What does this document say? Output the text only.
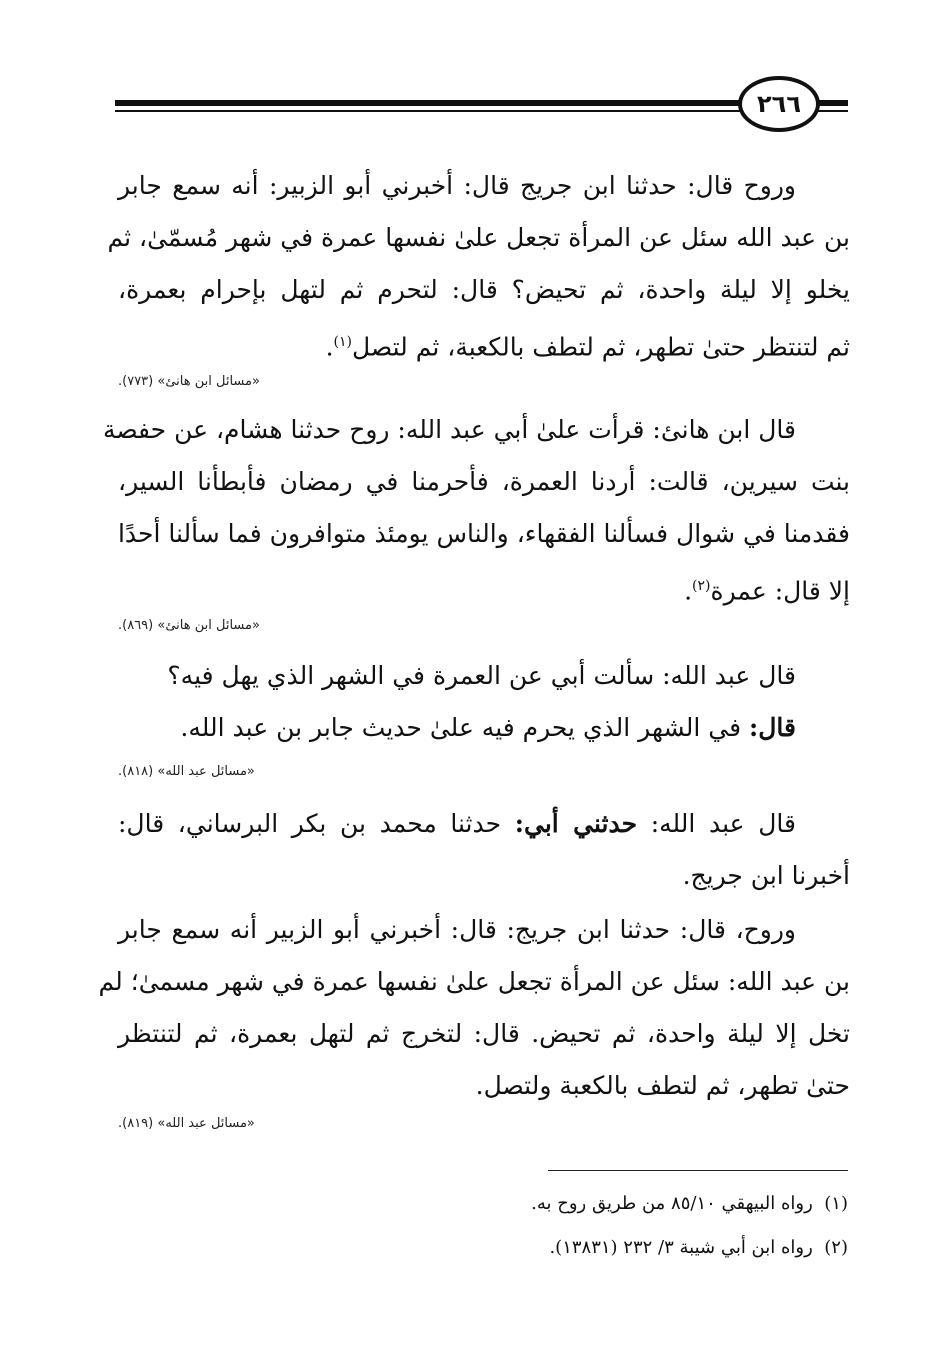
٢٦٦
وروح قال: حدثنا ابن جريج قال: أخبرني أبو الزبير: أنه سمع جابر
بن عبد الله سئل عن المرأة تجعل علىٰ نفسها عمرة في شهر مُسمّىٰ، ثم
يخلو إلا ليلة واحدة، ثم تحيض؟ قال: لتحرم ثم لتهل بإحرام بعمرة،
ثم لتنتظر حتىٰ تطهر، ثم لتطف بالكعبة، ثم لتصل$^{(١)}$.
«مسائل ابن هانئ» (٧٧٣).
قال ابن هانئ: قرأت علىٰ أبي عبد الله: روح حدثنا هشام، عن حفصة
بنت سيرين، قالت: أردنا العمرة، فأحرمنا في رمضان فأبطأنا السير،
فقدمنا في شوال فسألنا الفقهاء، والناس يومئذ متوافرون فما سألنا أحدًا
إلا قال: عمرة$^{(٢)}$.
«مسائل ابن هانئ» (٨٦٩).
قال عبد الله: سألت أبي عن العمرة في الشهر الذي يهل فيه؟
قال: في الشهر الذي يحرم فيه علىٰ حديث جابر بن عبد الله.
«مسائل عبد الله» (٨١٨).
قال عبد الله: حدثني أبي: حدثنا محمد بن بكر البرساني، قال:
أخبرنا ابن جريج.
وروح، قال: حدثنا ابن جريج: قال: أخبرني أبو الزبير أنه سمع جابر
بن عبد الله: سئل عن المرأة تجعل علىٰ نفسها عمرة في شهر مسمىٰ؛ لم
تخل إلا ليلة واحدة، ثم تحيض. قال: لتخرج ثم لتهل بعمرة، ثم لتنتظر
حتىٰ تطهر، ثم لتطف بالكعبة ولتصل.
«مسائل عبد الله» (٨١٩).
(١)  رواه البيهقي ٨٥/١٠ من طريق روح به.
(٢)  رواه ابن أبي شيبة ٣/ ٢٣٢ (١٣٨٣١).
